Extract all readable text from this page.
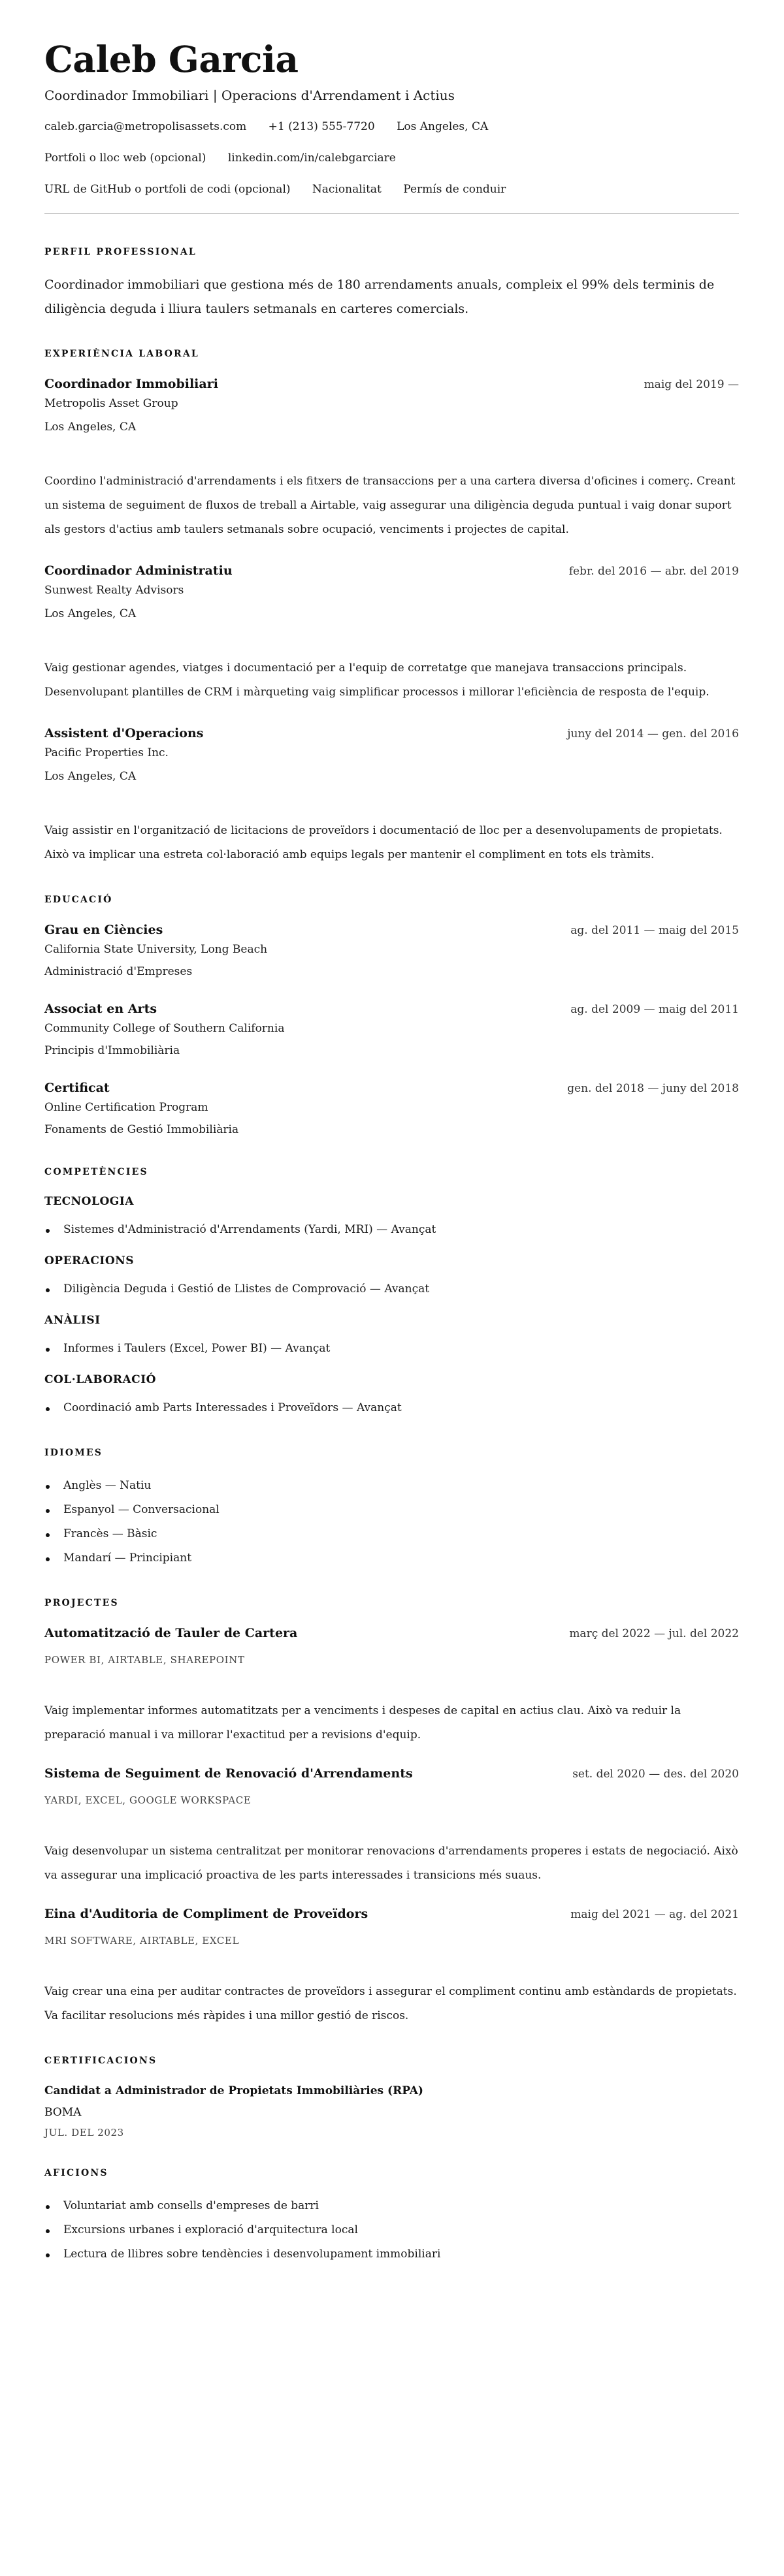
Caleb Garcia
Coordinador Immobiliari | Operacions d'Arrendament i Actius
caleb.garcia@metropolisassets.com +1 (213) 555-7720 Los Angeles, CA
Portfoli o lloc web (opcional) linkedin.com/in/calebgarciare
URL de GitHub o portfoli de codi (opcional) Nacionalitat Permís de conduir
PERFIL PROFESSIONAL

Coordinador immobiliari que gestiona més de 180 arrendaments anuals, compleix el 99% dels terminis de diligència deguda i lliura taulers setmanals en carteres comercials.

EXPERIÈNCIA LABORAL
Coordinador Immobiliari	maig del 2019 —
Metropolis Asset Group
Los Angeles, CA

Coordino l'administració d'arrendaments i els fitxers de transaccions per a una cartera diversa d'oficines i comerç. Creant un sistema de seguiment de fluxos de treball a Airtable, vaig assegurar una diligència deguda puntual i vaig donar suport als gestors d'actius amb taulers setmanals sobre ocupació, venciments i projectes de capital.

Coordinador Administratiu	febr. del 2016 — abr. del 2019
Sunwest Realty Advisors
Los Angeles, CA

Vaig gestionar agendes, viatges i documentació per a l'equip de corretatge que manejava transaccions principals. Desenvolupant plantilles de CRM i màrqueting vaig simplificar processos i millorar l'eficiència de resposta de l'equip.

Assistent d'Operacions	juny del 2014 — gen. del 2016
Pacific Properties Inc.
Los Angeles, CA

Vaig assistir en l'organització de licitacions de proveïdors i documentació de lloc per a desenvolupaments de propietats. Això va implicar una estreta col·laboració amb equips legals per mantenir el compliment en tots els tràmits.

EDUCACIÓ
Grau en Ciències	ag. del 2011 — maig del 2015
California State University, Long Beach
Administració d'Empreses
Associat en Arts	ag. del 2009 — maig del 2011
Community College of Southern California
Principis d'Immobiliària
Certificat	gen. del 2018 — juny del 2018
Online Certification Program
Fonaments de Gestió Immobiliària
COMPETÈNCIES
TECNOLOGIA
Sistemes d'Administració d'Arrendaments (Yardi, MRI) — Avançat
OPERACIONS
Diligència Deguda i Gestió de Llistes de Comprovació — Avançat
ANÀLISI
Informes i Taulers (Excel, Power BI) — Avançat
COL·LABORACIÓ
Coordinació amb Parts Interessades i Proveïdors — Avançat
IDIOMES
Anglès — Natiu
Espanyol — Conversacional
Francès — Bàsic
Mandarí — Principiant
PROJECTES
Automatització de Tauler de Cartera	març del 2022 — jul. del 2022
POWER BI, AIRTABLE, SHAREPOINT

Vaig implementar informes automatitzats per a venciments i despeses de capital en actius clau. Això va reduir la preparació manual i va millorar l'exactitud per a revisions d'equip.

Sistema de Seguiment de Renovació d'Arrendaments	set. del 2020 — des. del 2020
YARDI, EXCEL, GOOGLE WORKSPACE

Vaig desenvolupar un sistema centralitzat per monitorar renovacions d'arrendaments properes i estats de negociació. Això va assegurar una implicació proactiva de les parts interessades i transicions més suaus.

Eina d'Auditoria de Compliment de Proveïdors	maig del 2021 — ag. del 2021
MRI SOFTWARE, AIRTABLE, EXCEL

Vaig crear una eina per auditar contractes de proveïdors i assegurar el compliment continu amb estàndards de propietats. Va facilitar resolucions més ràpides i una millor gestió de riscos.

CERTIFICACIONS
Candidat a Administrador de Propietats Immobiliàries (RPA)
BOMA
JUL. DEL 2023
AFICIONS
Voluntariat amb consells d'empreses de barri
Excursions urbanes i exploració d'arquitectura local
Lectura de llibres sobre tendències i desenvolupament immobiliari
